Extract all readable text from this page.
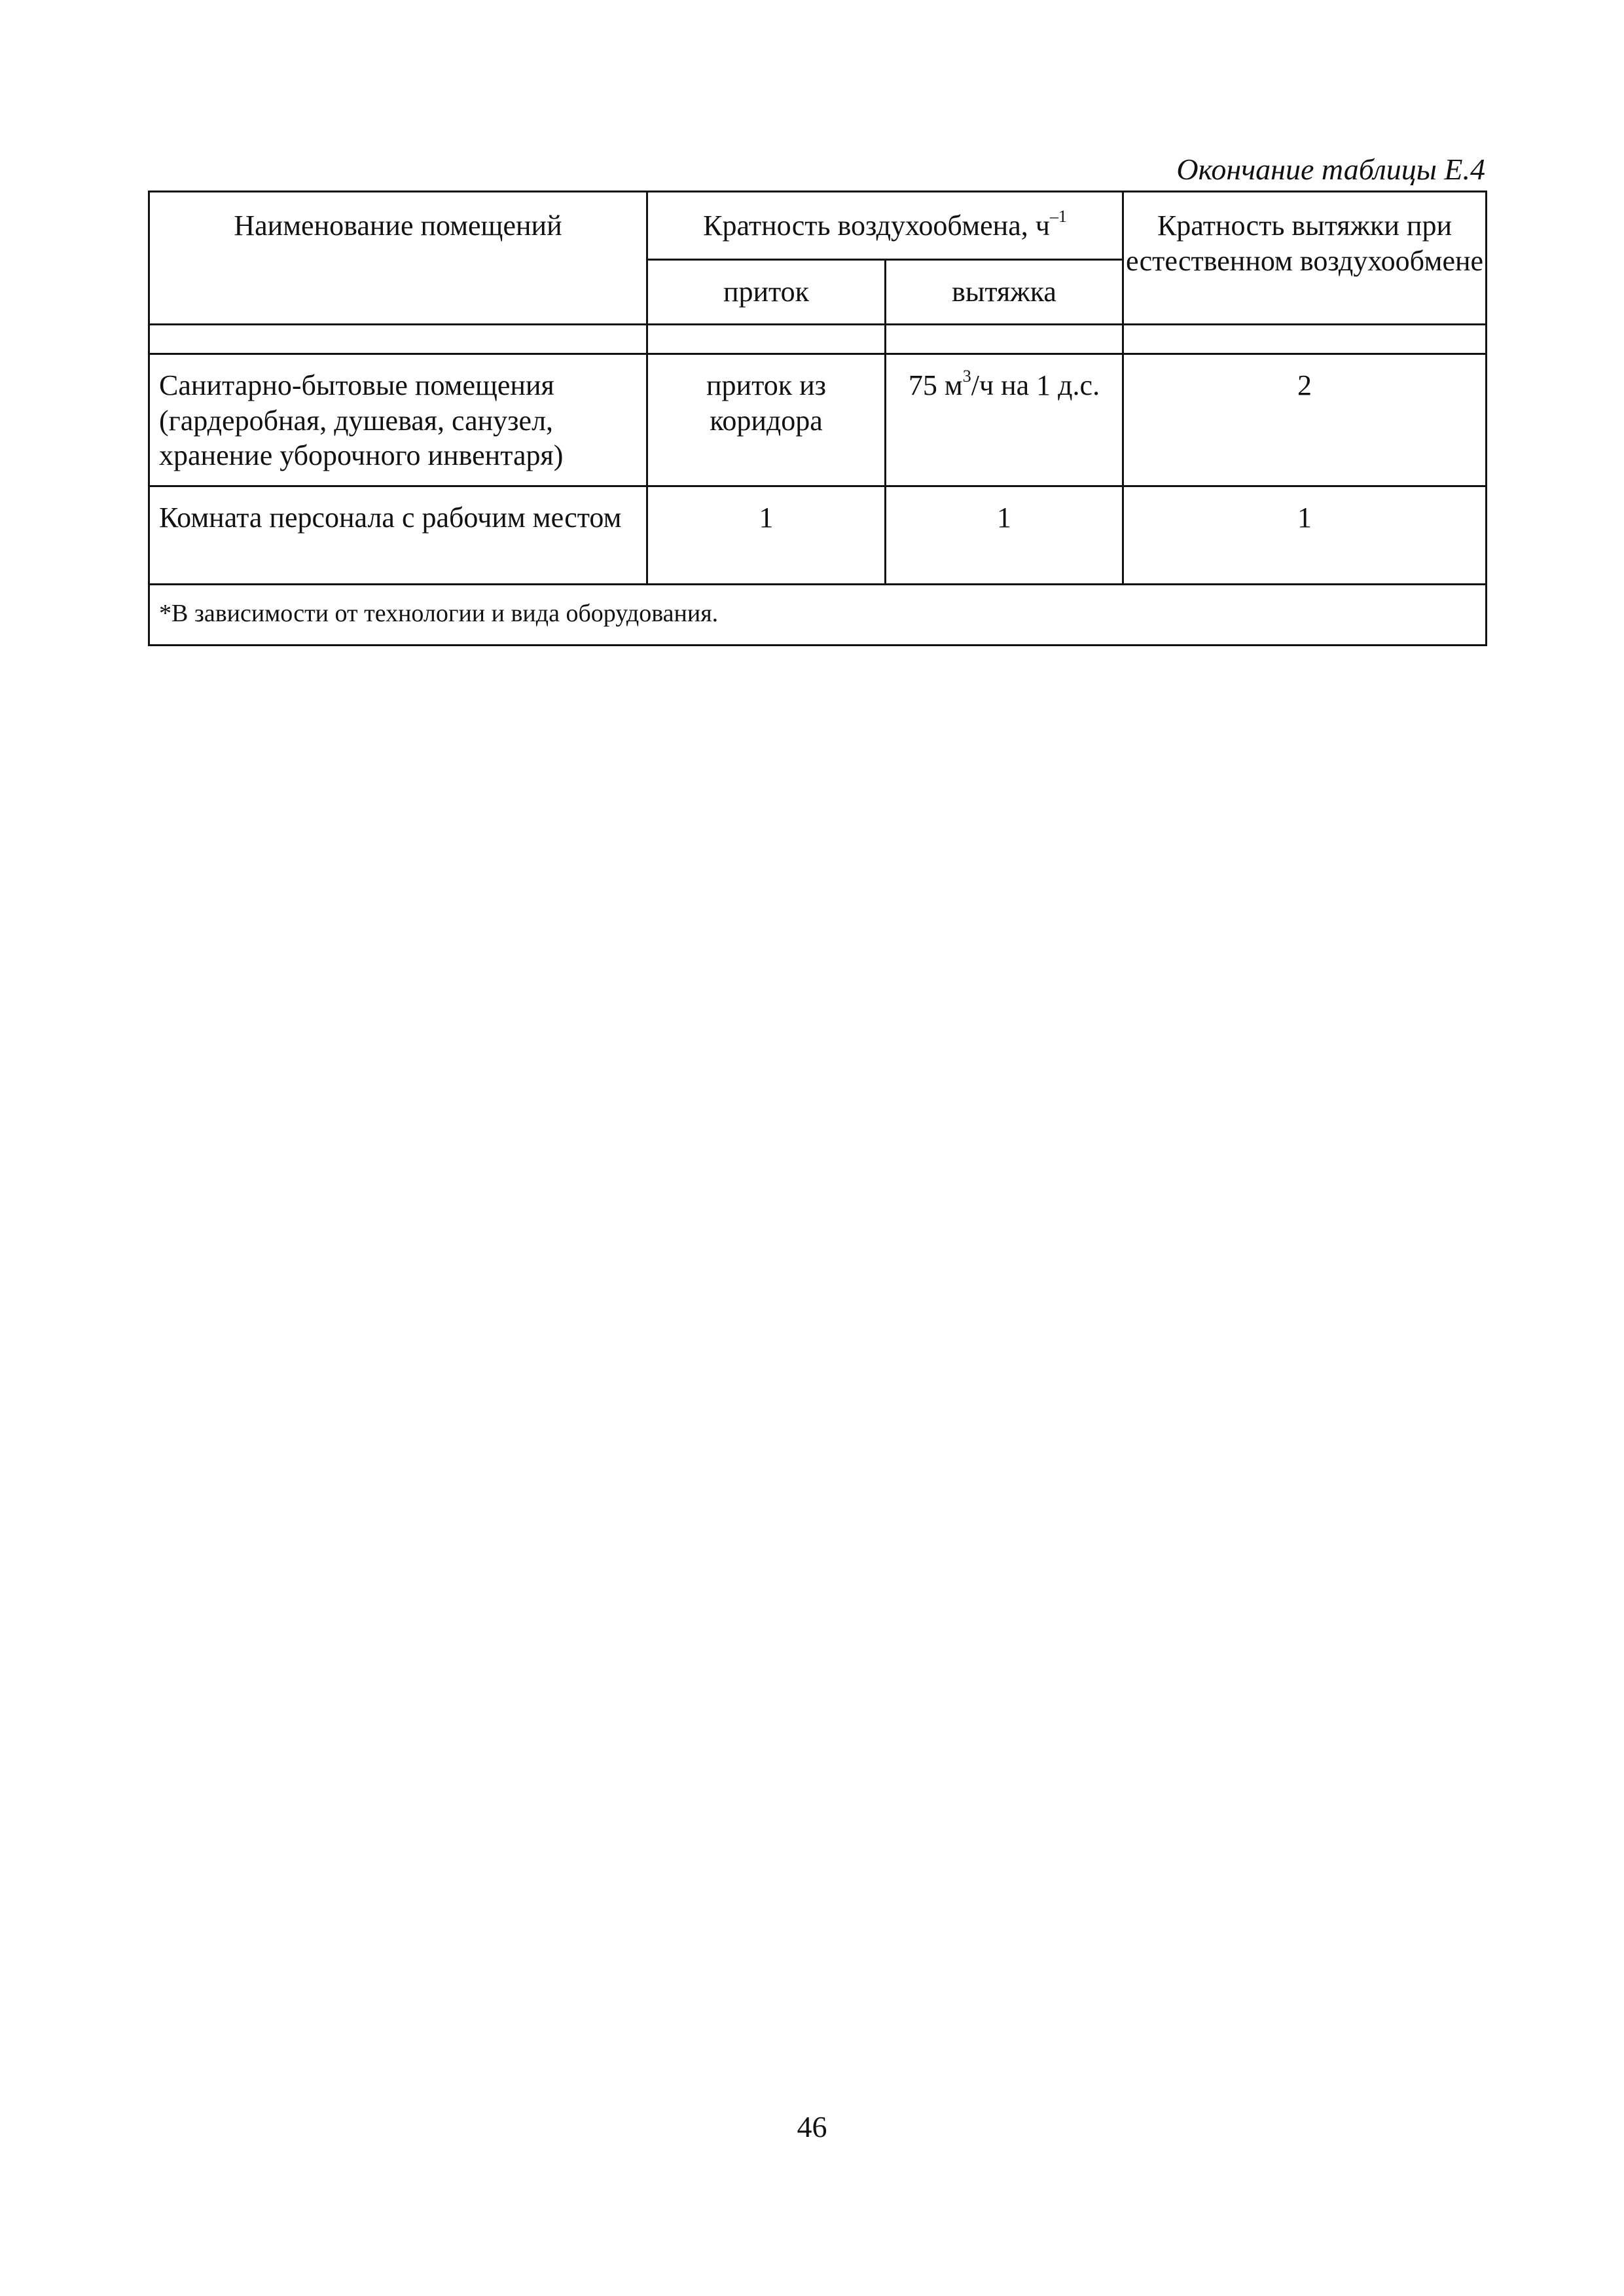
Окончание таблицы Е.4
Наименование помещений	Кратность воздухообмена, $ч^{-1}$		Кратность вытяжки при естественном воздухообмене
	приток	вытяжка	

Санитарно-бытовые помещения (гардеробная, душевая, санузел, хранение уборочного инвентаря)	приток из коридора	75 $м^3/ч$ на 1 д.с.	2
Комната персонала с рабочим местом	1	1	1
*В зависимости от технологии и вида оборудования.			
46
